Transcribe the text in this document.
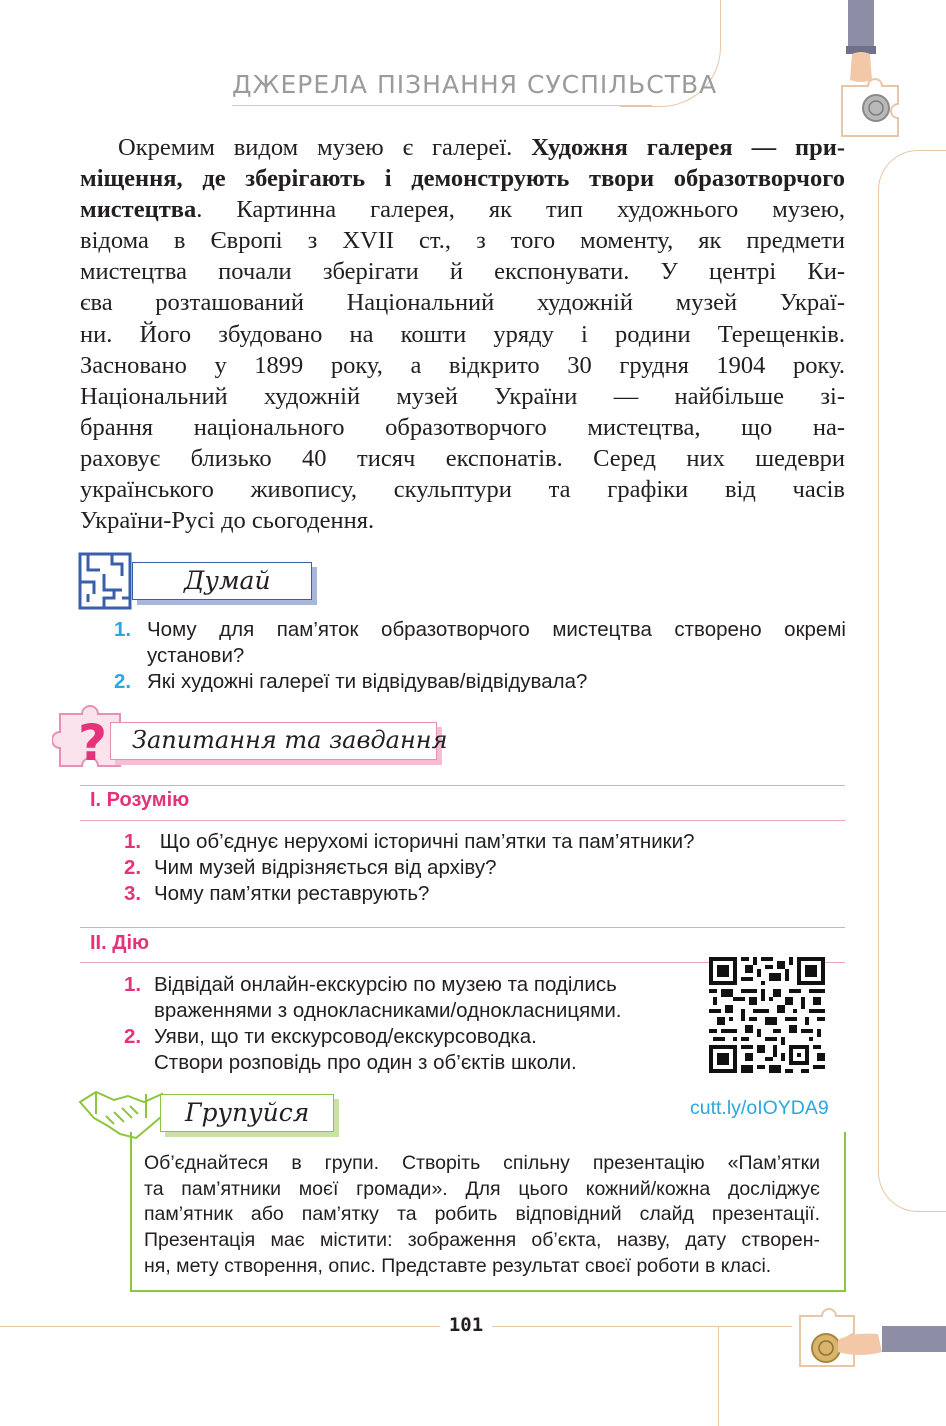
ДЖЕРЕЛА ПІЗНАННЯ СУСПІЛЬСТВА
Окремим видом музею є галереї. Художня галерея — при-
міщення, де зберігають і демонструють твори образотворчого
мистецтва. Картинна галерея, як тип художнього музею,
відома в Європі з XVII ст., з того моменту, як предмети
мистецтва почали зберігати й експонувати. У центрі Ки-
єва розташований Національний художній музей Украї-
ни. Його збудовано на кошти уряду і родини Терещенків.
Засновано у 1899 року, а відкрито 30 грудня 1904 року.
Національний художній музей України — найбільше зі-
брання національного образотворчого мистецтва, що на-
раховує близько 40 тисяч експонатів. Серед них шедеври
українського живопису, скульптури та графіки від часів
України-Русі до сьогодення.
Думай
1. Чому для пам’яток образотворчого мистецтва створено окремі
установи?
2. Які художні галереї ти відвідував/відвідувала?
? Запитання та завдання
І. Розумію
1. Що об’єднує нерухомі історичні пам’ятки та пам’ятники?
2. Чим музей відрізняється від архіву?
3. Чому пам’ятки реставрують?
ІІ. Дію
1. Відвідай онлайн-екскурсію по музею та поділись
враженнями з однокласниками/однокласницями.
2. Уяви, що ти екскурсовод/екскурсоводка.
Створи розповідь про один з об’єктів школи.
cutt.ly/oIOYDA9
Групуйся
Об’єднайтеся в групи. Створіть спільну презентацію «Пам’ятки
та пам’ятники моєї громади». Для цього кожний/кожна досліджує
пам’ятник або пам’ятку та робить відповідний слайд презентації.
Презентація має містити: зображення об’єкта, назву, дату створен-
ня, мету створення, опис. Представте результат своєї роботи в класі.
101
